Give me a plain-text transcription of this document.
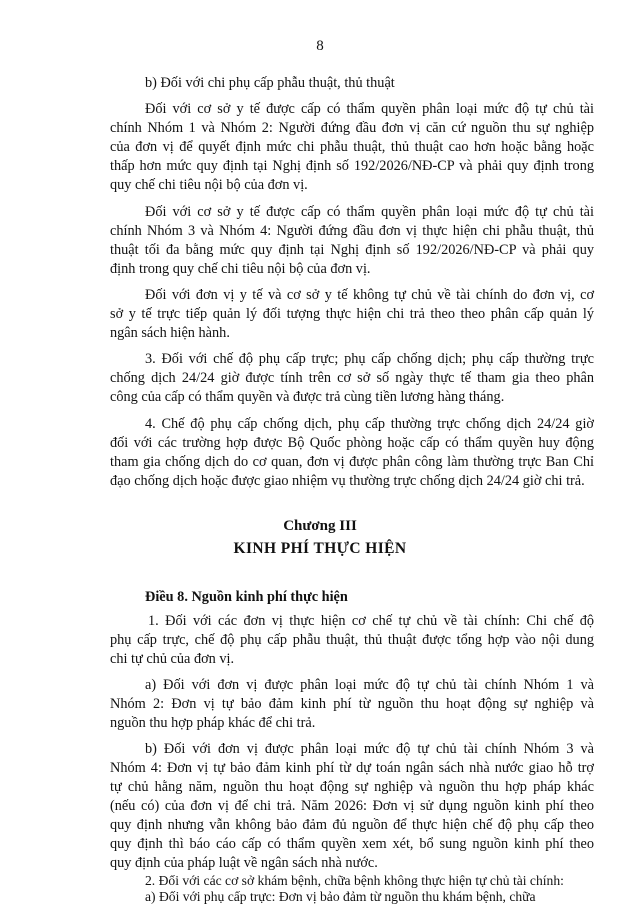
8

b) Đối với chi phụ cấp phẫu thuật, thủ thuật

Đối với cơ sở y tế được cấp có thẩm quyền phân loại mức độ tự chủ tài

chính Nhóm 1 và Nhóm 2: Người đứng đầu đơn vị căn cứ nguồn thu sự nghiệp

của đơn vị để quyết định mức chi phẫu thuật, thủ thuật cao hơn hoặc bằng hoặc

thấp hơn mức quy định tại Nghị định số 192/2026/NĐ-CP và phải quy định trong

quy chế chi tiêu nội bộ của đơn vị.

Đối với cơ sở y tế được cấp có thẩm quyền phân loại mức độ tự chủ tài

chính Nhóm 3 và Nhóm 4: Người đứng đầu đơn vị thực hiện chi phẫu thuật, thủ

thuật tối đa bằng mức quy định tại Nghị định số 192/2026/NĐ-CP và phải quy

định trong quy chế chi tiêu nội bộ của đơn vị.

Đối với đơn vị y tế và cơ sở y tế không tự chủ về tài chính do đơn vị, cơ

sở y tế trực tiếp quản lý đối tượng thực hiện chi trả theo theo phân cấp quản lý

ngân sách hiện hành.

3. Đối với chế độ phụ cấp trực; phụ cấp chống dịch; phụ cấp thường trực

chống dịch 24/24 giờ được tính trên cơ sở số ngày thực tế tham gia theo phân

công của cấp có thẩm quyền và được trả cùng tiền lương hàng tháng.

4. Chế độ phụ cấp chống dịch, phụ cấp thường trực chống dịch 24/24 giờ

đối với các trường hợp được Bộ Quốc phòng hoặc cấp có thẩm quyền huy động

tham gia chống dịch do cơ quan, đơn vị được phân công làm thường trực Ban Chỉ

đạo chống dịch hoặc được giao nhiệm vụ thường trực chống dịch 24/24 giờ chi trả.

Chương III

KINH PHÍ THỰC HIỆN

Điều 8. Nguồn kinh phí thực hiện

1. Đối với các đơn vị thực hiện cơ chế tự chủ về tài chính: Chi chế độ

phụ cấp trực, chế độ phụ cấp phẫu thuật, thủ thuật được tổng hợp vào nội dung

chi tự chủ của đơn vị.

a) Đối với đơn vị được phân loại mức độ tự chủ tài chính Nhóm 1 và

Nhóm 2: Đơn vị tự bảo đảm kinh phí từ nguồn thu hoạt động sự nghiệp và

nguồn thu hợp pháp khác để chi trả.

b) Đối với đơn vị được phân loại mức độ tự chủ tài chính Nhóm 3 và

Nhóm 4: Đơn vị tự bảo đảm kinh phí từ dự toán ngân sách nhà nước giao hỗ trợ

tự chủ hằng năm, nguồn thu hoạt động sự nghiệp và nguồn thu hợp pháp khác

(nếu có) của đơn vị để chi trả. Năm 2026: Đơn vị sử dụng nguồn kinh phí theo

quy định nhưng vẫn không bảo đảm đủ nguồn để thực hiện chế độ phụ cấp theo

quy định thì báo cáo cấp có thẩm quyền xem xét, bổ sung nguồn kinh phí theo

quy định của pháp luật về ngân sách nhà nước.

2. Đối với các cơ sở khám bệnh, chữa bệnh không thực hiện tự chủ tài chính:

a) Đối với phụ cấp trực: Đơn vị bảo đảm từ nguồn thu khám bệnh, chữa
